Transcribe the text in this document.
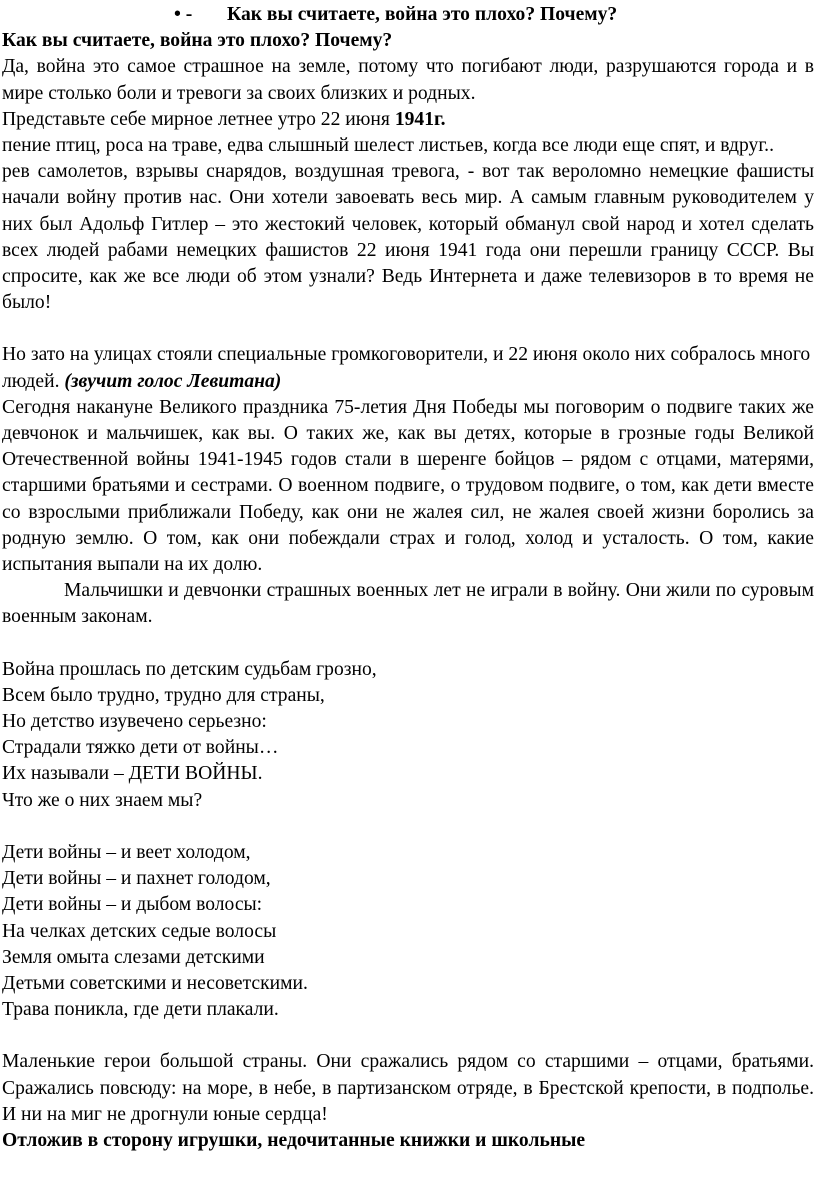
• - Как вы считаете, война это плохо? Почему?

Как вы считаете, война это плохо? Почему?

Да, война это самое страшное на земле, потому что погибают люди, разрушаются города и в мире столько боли и тревоги за своих близких и родных.

Представьте себе мирное летнее утро 22 июня 1941г.

пение птиц, роса на траве, едва слышный шелест листьев, когда все люди еще спят, и вдруг..

рев самолетов, взрывы снарядов, воздушная тревога, - вот так вероломно немецкие фашисты начали войну против нас. Они хотели завоевать весь мир. А самым главным руководителем у них был Адольф Гитлер – это жестокий человек, который обманул свой народ и хотел сделать всех людей рабами немецких фашистов 22 июня 1941 года они перешли границу СССР. Вы спросите, как же все люди об этом узнали? Ведь Интернета и даже телевизоров в то время не было!

Но зато на улицах стояли специальные громкоговорители, и 22 июня около них собралось много людей. (звучит голос Левитана)

Сегодня накануне Великого праздника 75-летия Дня Победы мы поговорим о подвиге таких же девчонок и мальчишек, как вы. О таких же, как вы детях, которые в грозные годы Великой Отечественной войны 1941-1945 годов стали в шеренге бойцов – рядом с отцами, матерями, старшими братьями и сестрами. О военном подвиге, о трудовом подвиге, о том, как дети вместе со взрослыми приближали Победу, как они не жалея сил, не жалея своей жизни боролись за родную землю. О том, как они побеждали страх и голод, холод и усталость. О том, какие испытания выпали на их долю.

Мальчишки и девчонки страшных военных лет не играли в войну. Они жили по суровым военным законам.

Война прошлась по детским судьбам грозно,
Всем было трудно, трудно для страны,
Но детство изувечено серьезно:
Страдали тяжко дети от войны…
Их называли – ДЕТИ ВОЙНЫ.
Что же о них знаем мы?
Дети войны – и веет холодом,
Дети войны – и пахнет голодом,
Дети войны – и дыбом волосы:
На челках детских седые волосы
Земля омыта слезами детскими
Детьми советскими и несоветскими.
Трава поникла, где дети плакали.

Маленькие герои большой страны. Они сражались рядом со старшими – отцами, братьями. Сражались повсюду: на море, в небе, в партизанском отряде, в Брестской крепости, в подполье. И ни на миг не дрогнули юные сердца!

Отложив в сторону игрушки, недочитанные книжки и школьные
